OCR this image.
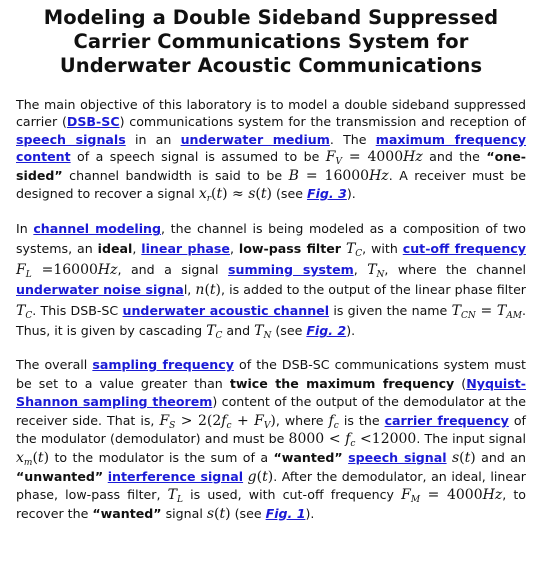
Modeling a Double Sideband Suppressed
Carrier Communications System for
Underwater Acoustic Communications

The main objective of this laboratory is to model a double sideband suppressed carrier (DSB-SC) communications system for the transmission and reception of speech signals in an underwater medium. The maximum frequency content of a speech signal is assumed to be $F_V = 4000Hz$ and the “one-sided” channel bandwidth is said to be B = 16000Hz. A receiver must be designed to recover a signal $x_r(t) \approx s(t)$ (see Fig. 3).

In channel modeling, the channel is being modeled as a composition of two systems, an ideal, linear phase, low-pass filter $T_C$, with cut-off frequency $F_L =16000Hz$, and a signal summing system, $T_N$, where the channel underwater noise signal, n(t), is added to the output of the linear phase filter $T_C$. This DSB-SC underwater acoustic channel is given the name $T_{CN} = T_{AM}$. Thus, it is given by cascading $T_C$ and $T_N$ (see Fig. 2).

The overall sampling frequency of the DSB-SC communications system must be set to a value greater than twice the maximum frequency (Nyquist-Shannon sampling theorem) content of the output of the demodulator at the receiver side. That is, $F_S > 2(2f_c + F_V)$, where $f_c$ is the carrier frequency of the modulator (demodulator) and must be $8000 < f_c <12000$. The input signal $x_m(t)$ to the modulator is the sum of a “wanted” speech signal s(t) and an “unwanted” interference signal g(t). After the demodulator, an ideal, linear phase, low-pass filter, $T_L$ is used, with cut-off frequency $F_M = 4000Hz$, to recover the “wanted” signal s(t) (see Fig. 1).
